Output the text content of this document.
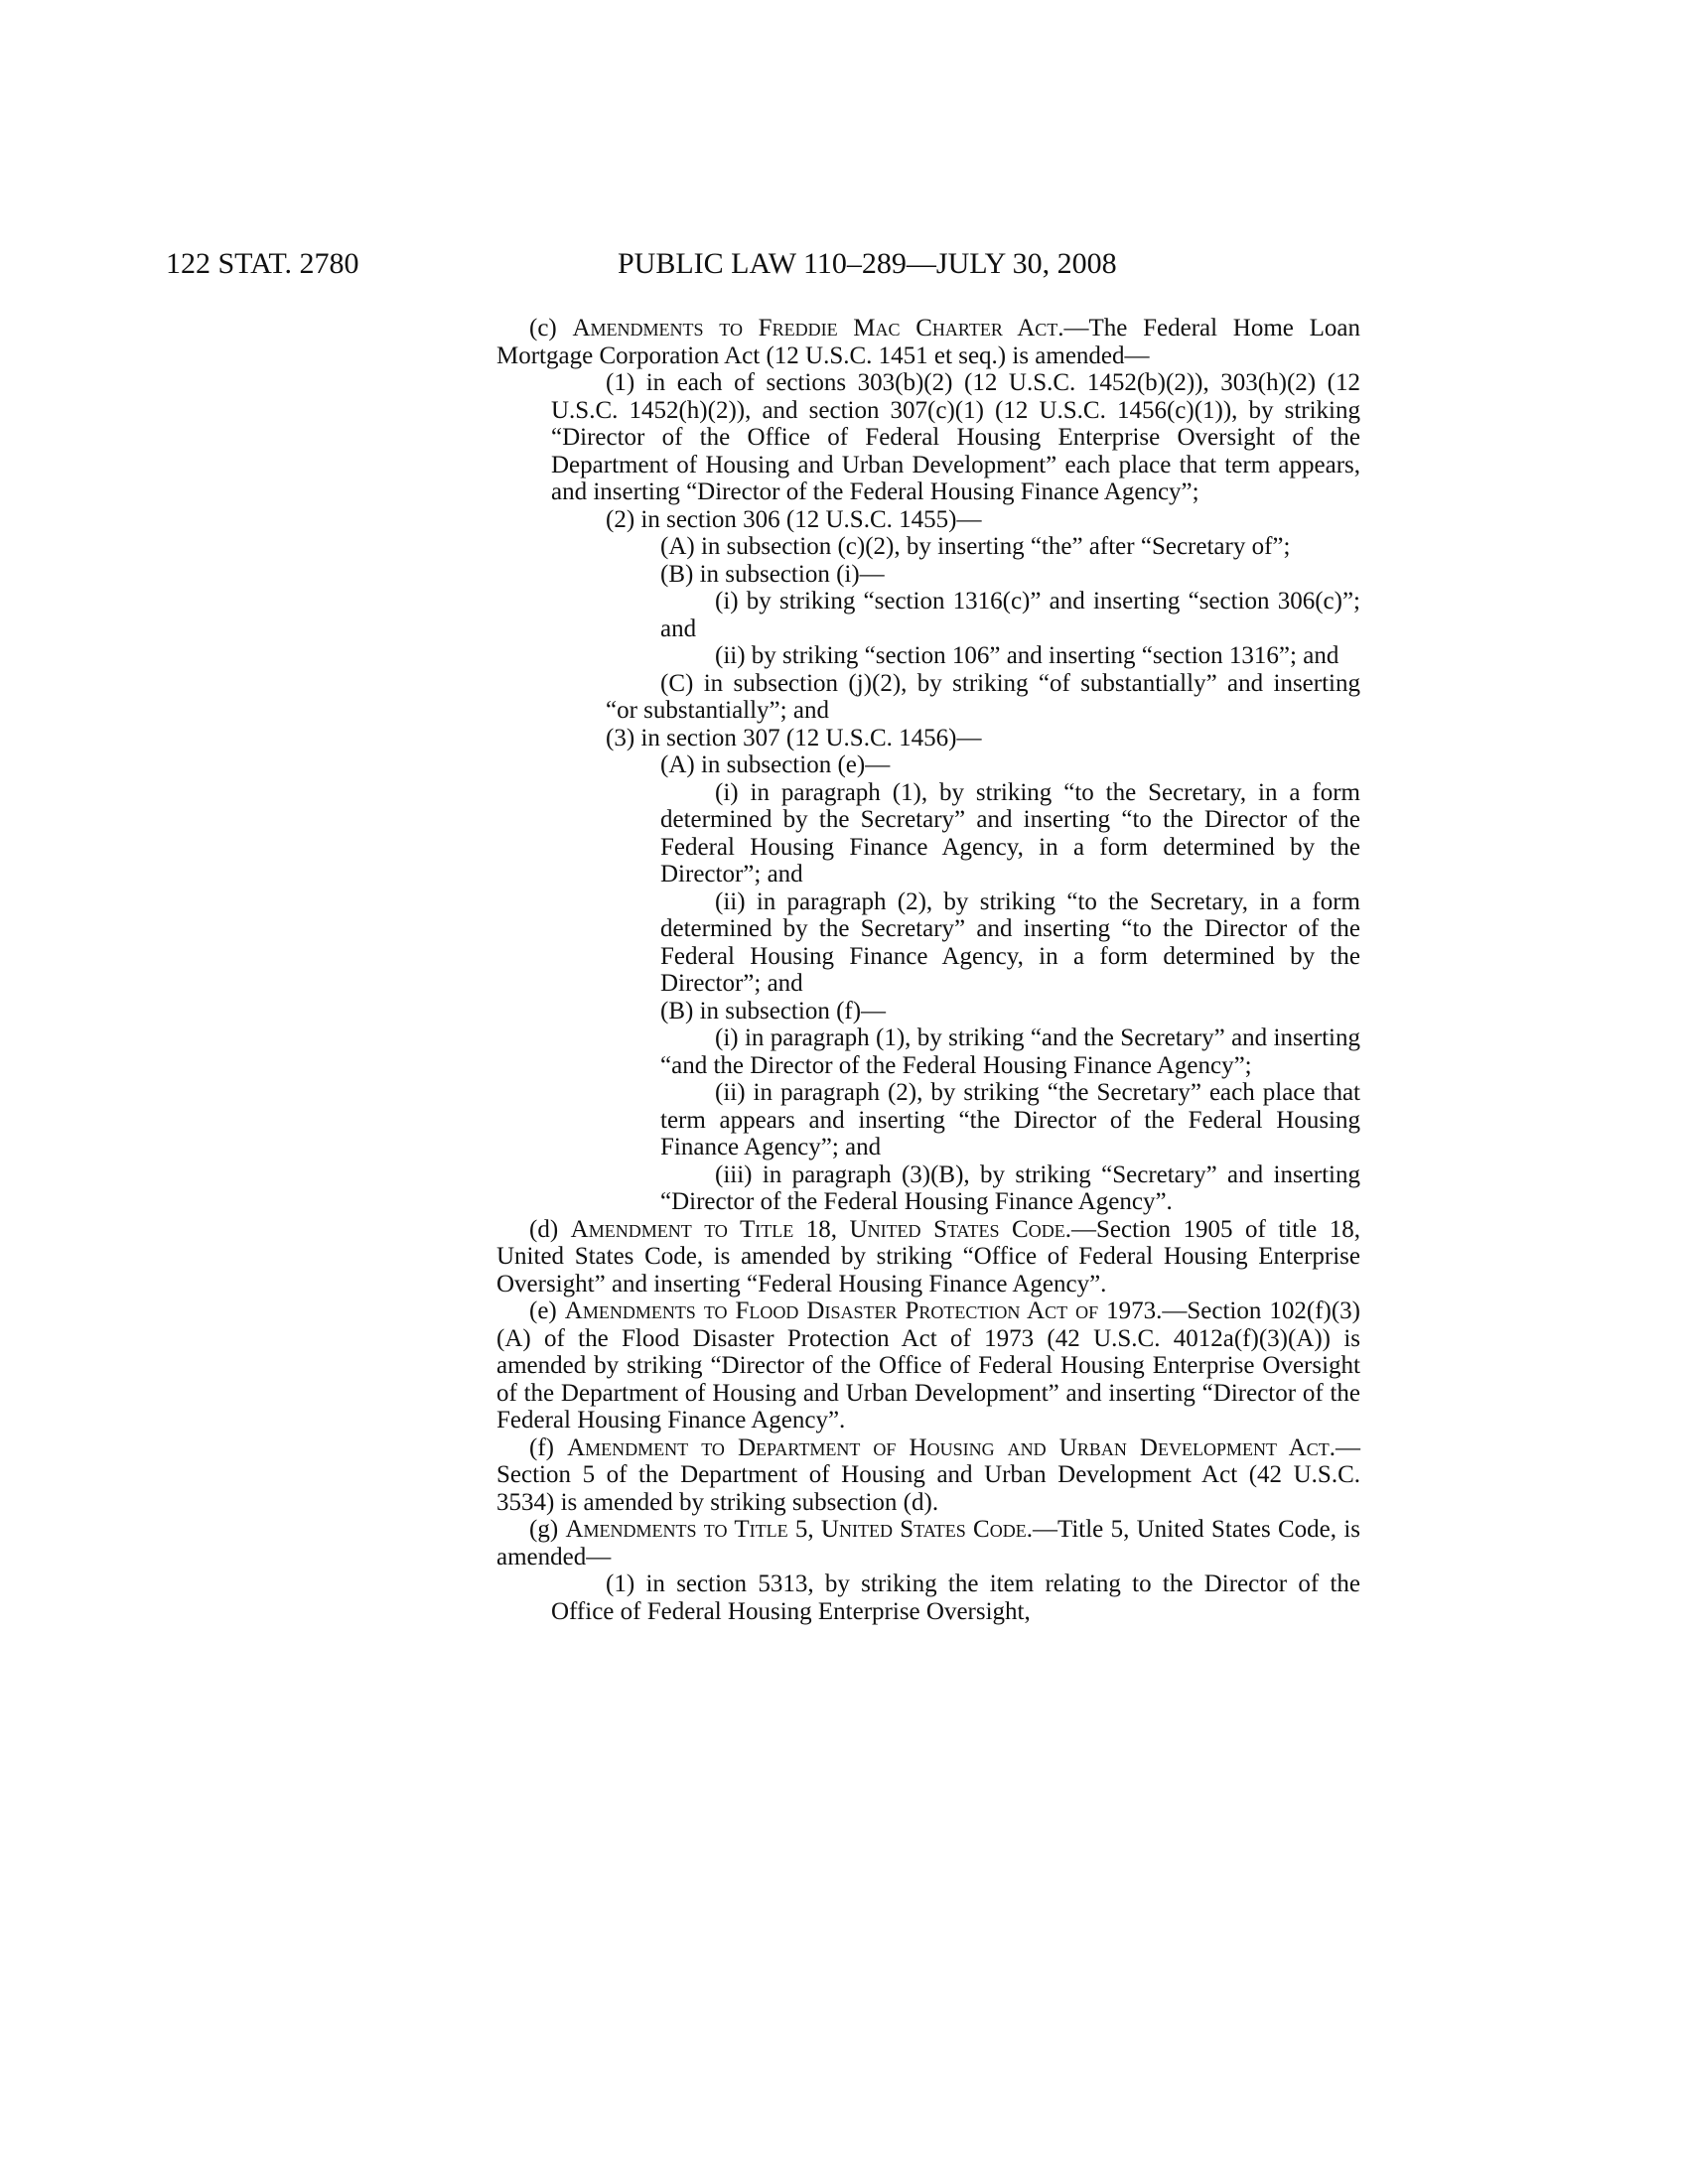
122 STAT. 2780	PUBLIC LAW 110–289—JULY 30, 2008

(c) Amendments to Freddie Mac Charter Act.—The Federal Home Loan Mortgage Corporation Act (12 U.S.C. 1451 et seq.) is amended—

(1) in each of sections 303(b)(2) (12 U.S.C. 1452(b)(2)), 303(h)(2) (12 U.S.C. 1452(h)(2)), and section 307(c)(1) (12 U.S.C. 1456(c)(1)), by striking “Director of the Office of Federal Housing Enterprise Oversight of the Department of Housing and Urban Development” each place that term appears, and inserting “Director of the Federal Housing Finance Agency”;

(2) in section 306 (12 U.S.C. 1455)—

(A) in subsection (c)(2), by inserting “the” after “Secretary of”;

(B) in subsection (i)—

(i) by striking “section 1316(c)” and inserting “section 306(c)”; and

(ii) by striking “section 106” and inserting “section 1316”; and

(C) in subsection (j)(2), by striking “of substantially” and inserting “or substantially”; and

(3) in section 307 (12 U.S.C. 1456)—

(A) in subsection (e)—

(i) in paragraph (1), by striking “to the Secretary, in a form determined by the Secretary” and inserting “to the Director of the Federal Housing Finance Agency, in a form determined by the Director”; and

(ii) in paragraph (2), by striking “to the Secretary, in a form determined by the Secretary” and inserting “to the Director of the Federal Housing Finance Agency, in a form determined by the Director”; and

(B) in subsection (f)—

(i) in paragraph (1), by striking “and the Secretary” and inserting “and the Director of the Federal Housing Finance Agency”;

(ii) in paragraph (2), by striking “the Secretary” each place that term appears and inserting “the Director of the Federal Housing Finance Agency”; and

(iii) in paragraph (3)(B), by striking “Secretary” and inserting “Director of the Federal Housing Finance Agency”.

(d) Amendment to Title 18, United States Code.—Section 1905 of title 18, United States Code, is amended by striking “Office of Federal Housing Enterprise Oversight” and inserting “Federal Housing Finance Agency”.

(e) Amendments to Flood Disaster Protection Act of 1973.—Section 102(f)(3)(A) of the Flood Disaster Protection Act of 1973 (42 U.S.C. 4012a(f)(3)(A)) is amended by striking “Director of the Office of Federal Housing Enterprise Oversight of the Department of Housing and Urban Development” and inserting “Director of the Federal Housing Finance Agency”.

(f) Amendment to Department of Housing and Urban Development Act.—Section 5 of the Department of Housing and Urban Development Act (42 U.S.C. 3534) is amended by striking subsection (d).

(g) Amendments to Title 5, United States Code.—Title 5, United States Code, is amended—

(1) in section 5313, by striking the item relating to the Director of the Office of Federal Housing Enterprise Oversight,
